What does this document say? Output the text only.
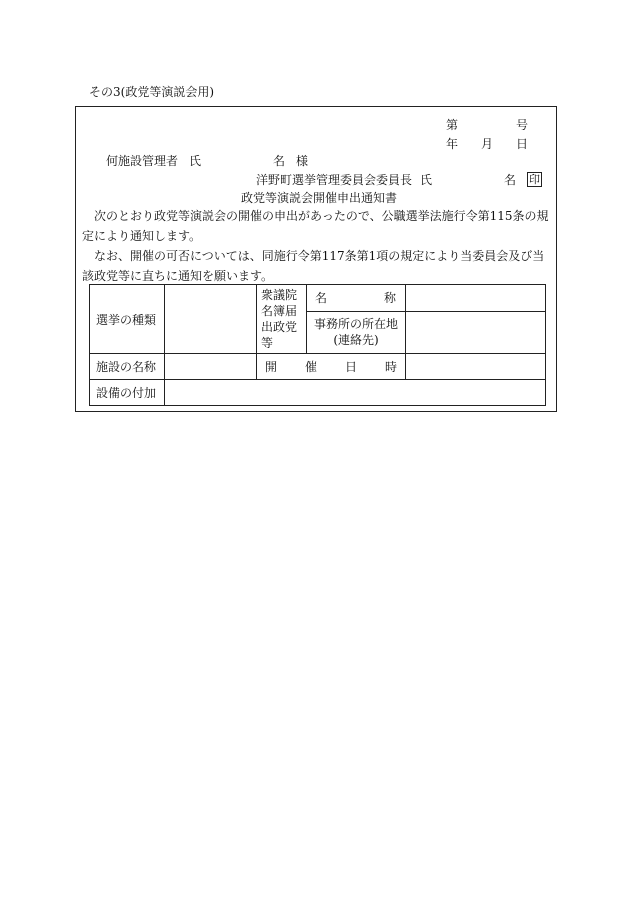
その3(政党等演説会用)
第	号
年 月 日
何施設管理者 氏	名 様
洋野町選挙管理委員会委員長 氏	名 印
政党等演説会開催申出通知書
次のとおり政党等演説会の開催の申出があったので、公職選挙法施行令第115条の規定により通知します。
なお、開催の可否については、同施行令第117条第1項の規定により当委員会及び当該政党等に直ちに通知を願います。
選挙の種類		衆議院名簿届出政党等	名 称	

			事務所の所在地
(連絡先)	

施設の名称		開 催 日 時		

設備の付加				
